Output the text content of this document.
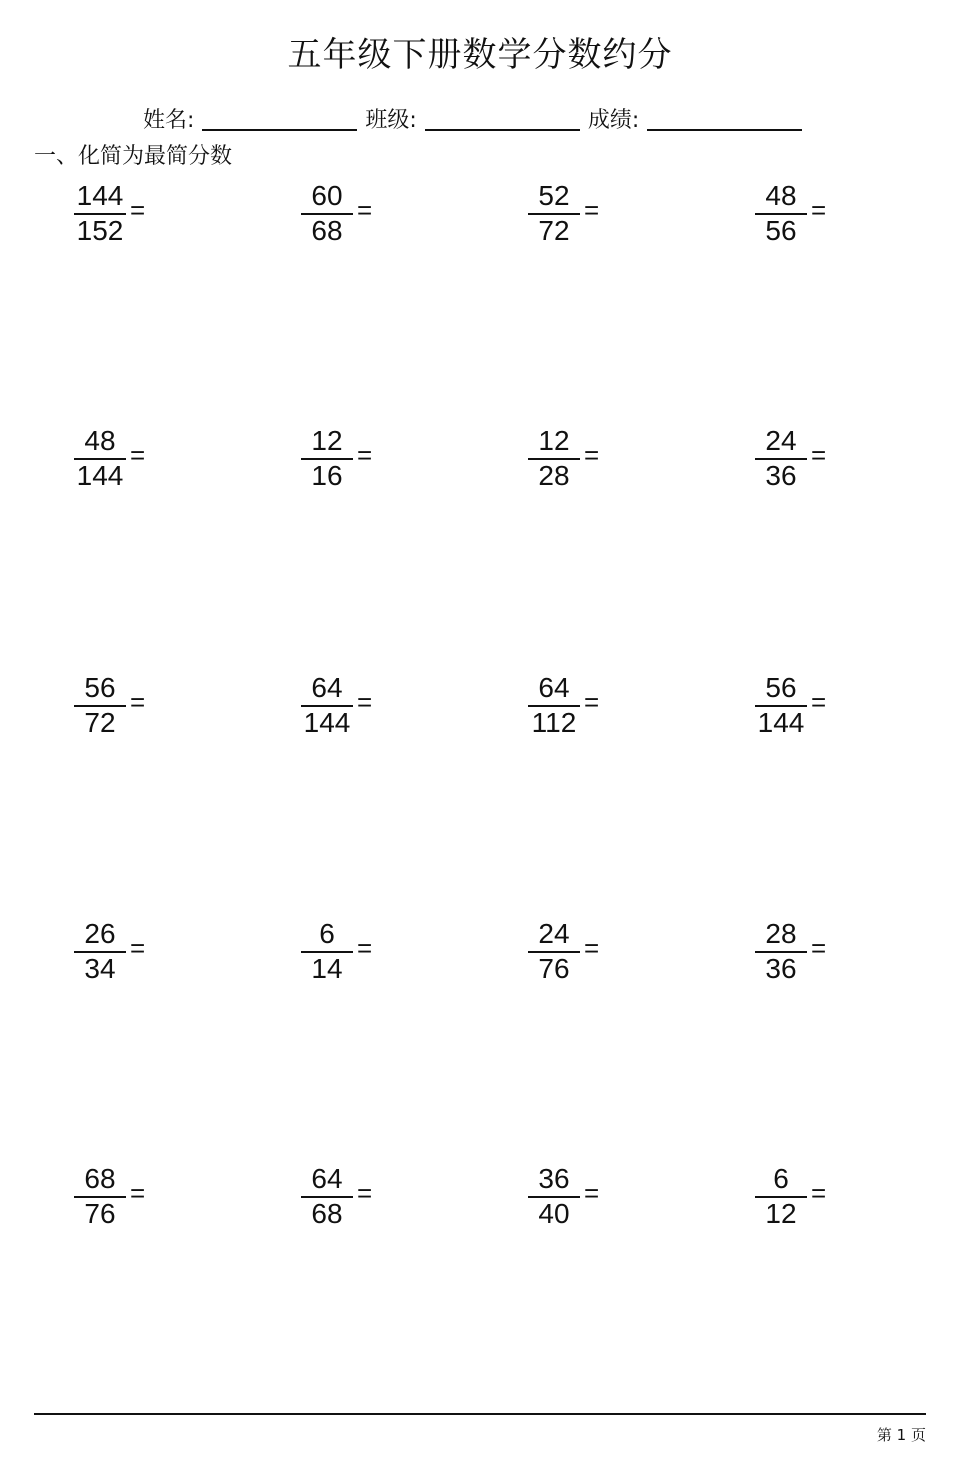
五年级下册数学分数约分
姓名:	班级:	成绩:
一、化简为最简分数
$\frac{144}{152}$ =	$\frac{60}{68}$ =	$\frac{52}{72}$ =	$\frac{48}{56}$ =
$\frac{48}{144}$ =	$\frac{12}{16}$ =	$\frac{12}{28}$ =	$\frac{24}{36}$ =
$\frac{56}{72}$ =	$\frac{64}{144}$ =	$\frac{64}{112}$ =	$\frac{56}{144}$ =
$\frac{26}{34}$ =	$\frac{6}{14}$ =	$\frac{24}{76}$ =	$\frac{28}{36}$ =
$\frac{68}{76}$ =	$\frac{64}{68}$ =	$\frac{36}{40}$ =	$\frac{6}{12}$ =
第 1 页
